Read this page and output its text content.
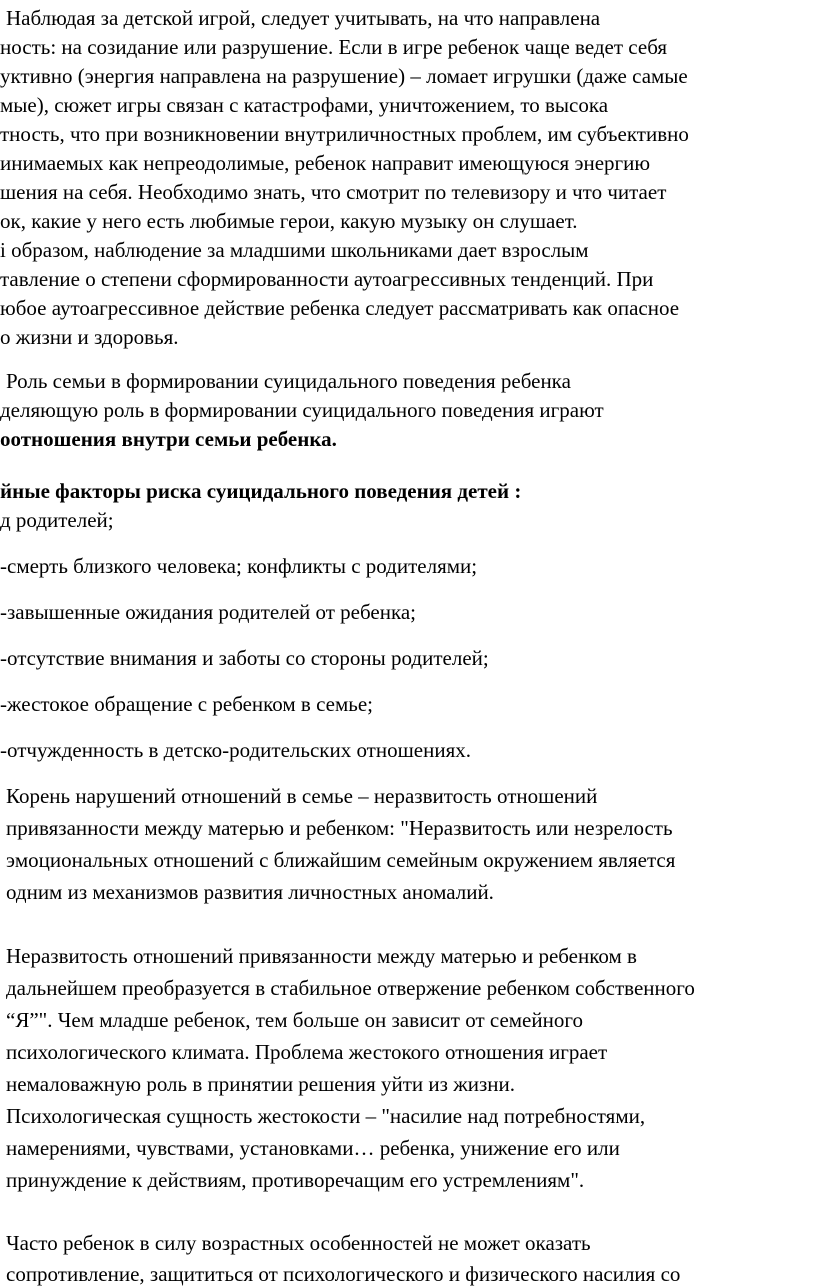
Наблюдая за детской игрой, следует учитывать, на что направлена
ность: на созидание или разрушение. Если в игре ребенок чаще ведет себя
уктивно (энергия направлена на разрушение) – ломает игрушки (даже самые
мые), сюжет игры связан с катастрофами, уничтожением, то высока
тность, что при возникновении внутриличностных проблем, им субъективно
инимаемых как непреодолимые, ребенок направит имеющуюся энергию
шения на себя. Необходимо знать, что смотрит по телевизору и что читает
ок, какие у него есть любимые герои, какую музыку он слушает.
і образом, наблюдение за младшими школьниками дает взрослым
тавление о степени сформированности аутоагрессивных тенденций. При
юбое аутоагрессивное действие ребенка следует рассматривать как опасное
о жизни и здоровья.
Роль семьи в формировании суицидального поведения ребенка
деляющую роль в формировании суицидального поведения играют
оотношения внутри семьи ребенка.
йные факторы риска суицидального поведения детей :
д родителей;
-смерть близкого человека; конфликты с родителями;
-завышенные ожидания родителей от ребенка;
-отсутствие внимания и заботы со стороны родителей;
-жестокое обращение с ребенком в семье;
-отчужденность в детско-родительских отношениях.
Корень нарушений отношений в семье – неразвитость отношений
привязанности между матерью и ребенком: "Неразвитость или незрелость
эмоциональных отношений с ближайшим семейным окружением является
одним из механизмов развития личностных аномалий.
Неразвитость отношений привязанности между матерью и ребенком в
дальнейшем преобразуется в стабильное отвержение ребенком собственного
“Я”". Чем младше ребенок, тем больше он зависит от семейного
психологического климата. Проблема жестокого отношения играет
немаловажную роль в принятии решения уйти из жизни.
Психологическая сущность жестокости – "насилие над потребностями,
намерениями, чувствами, установками… ребенка, унижение его или
принуждение к действиям, противоречащим его устремлениям".
Часто ребенок в силу возрастных особенностей не может оказать
сопротивление, защититься от психологического и физического насилия со
